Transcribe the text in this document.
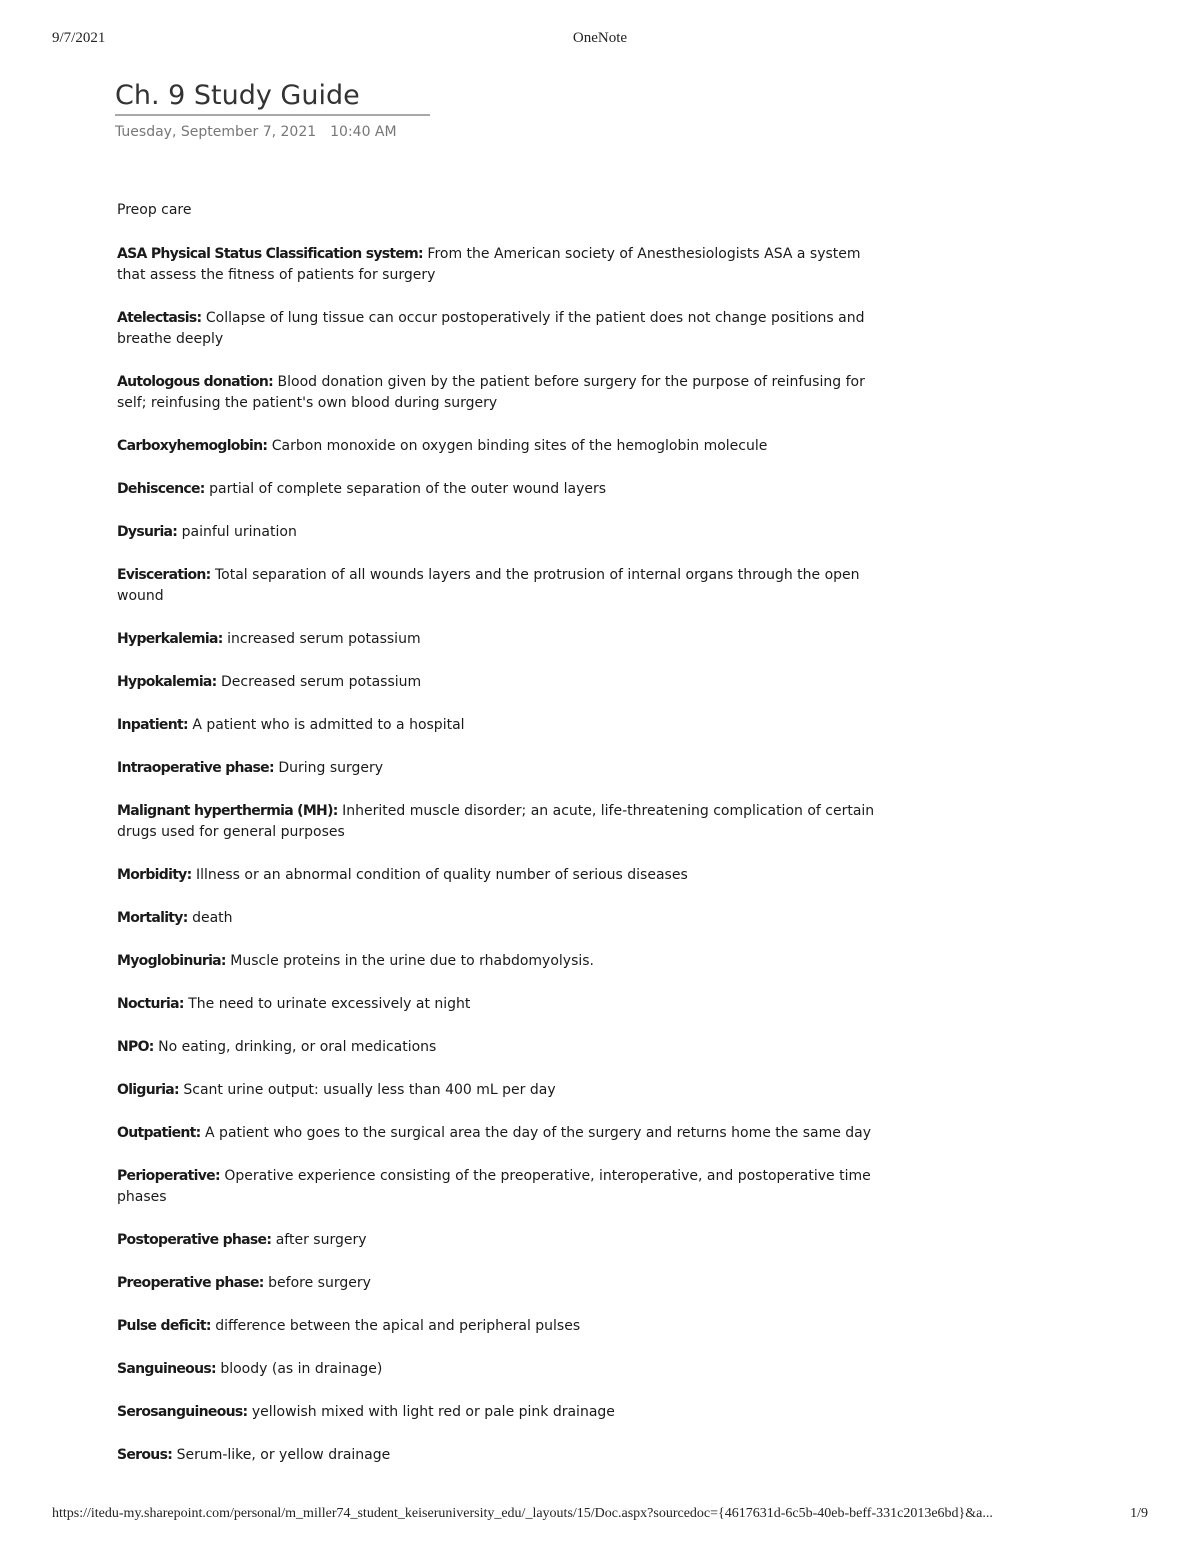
9/7/2021	OneNote
Ch. 9 Study Guide
Tuesday, September 7, 2021 10:40 AM

Preop care

ASA Physical Status Classification system: From the American society of Anesthesiologists ASA a system that assess the fitness of patients for surgery

Atelectasis: Collapse of lung tissue can occur postoperatively if the patient does not change positions and breathe deeply

Autologous donation: Blood donation given by the patient before surgery for the purpose of reinfusing for self; reinfusing the patient's own blood during surgery

Carboxyhemoglobin: Carbon monoxide on oxygen binding sites of the hemoglobin molecule

Dehiscence: partial of complete separation of the outer wound layers

Dysuria: painful urination

Evisceration: Total separation of all wounds layers and the protrusion of internal organs through the open wound

Hyperkalemia: increased serum potassium

Hypokalemia: Decreased serum potassium

Inpatient: A patient who is admitted to a hospital

Intraoperative phase: During surgery

Malignant hyperthermia (MH): Inherited muscle disorder; an acute, life-threatening complication of certain drugs used for general purposes

Morbidity: Illness or an abnormal condition of quality number of serious diseases

Mortality: death

Myoglobinuria: Muscle proteins in the urine due to rhabdomyolysis.

Nocturia: The need to urinate excessively at night

NPO: No eating, drinking, or oral medications

Oliguria: Scant urine output: usually less than 400 mL per day

Outpatient: A patient who goes to the surgical area the day of the surgery and returns home the same day

Perioperative: Operative experience consisting of the preoperative, interoperative, and postoperative time phases

Postoperative phase: after surgery

Preoperative phase: before surgery

Pulse deficit: difference between the apical and peripheral pulses

Sanguineous: bloody (as in drainage)

Serosanguineous: yellowish mixed with light red or pale pink drainage

Serous: Serum-like, or yellow drainage

https://itedu-my.sharepoint.com/personal/m_miller74_student_keiseruniversity_edu/_layouts/15/Doc.aspx?sourcedoc={4617631d-6c5b-40eb-beff-331c2013e6bd}&a...	1/9
